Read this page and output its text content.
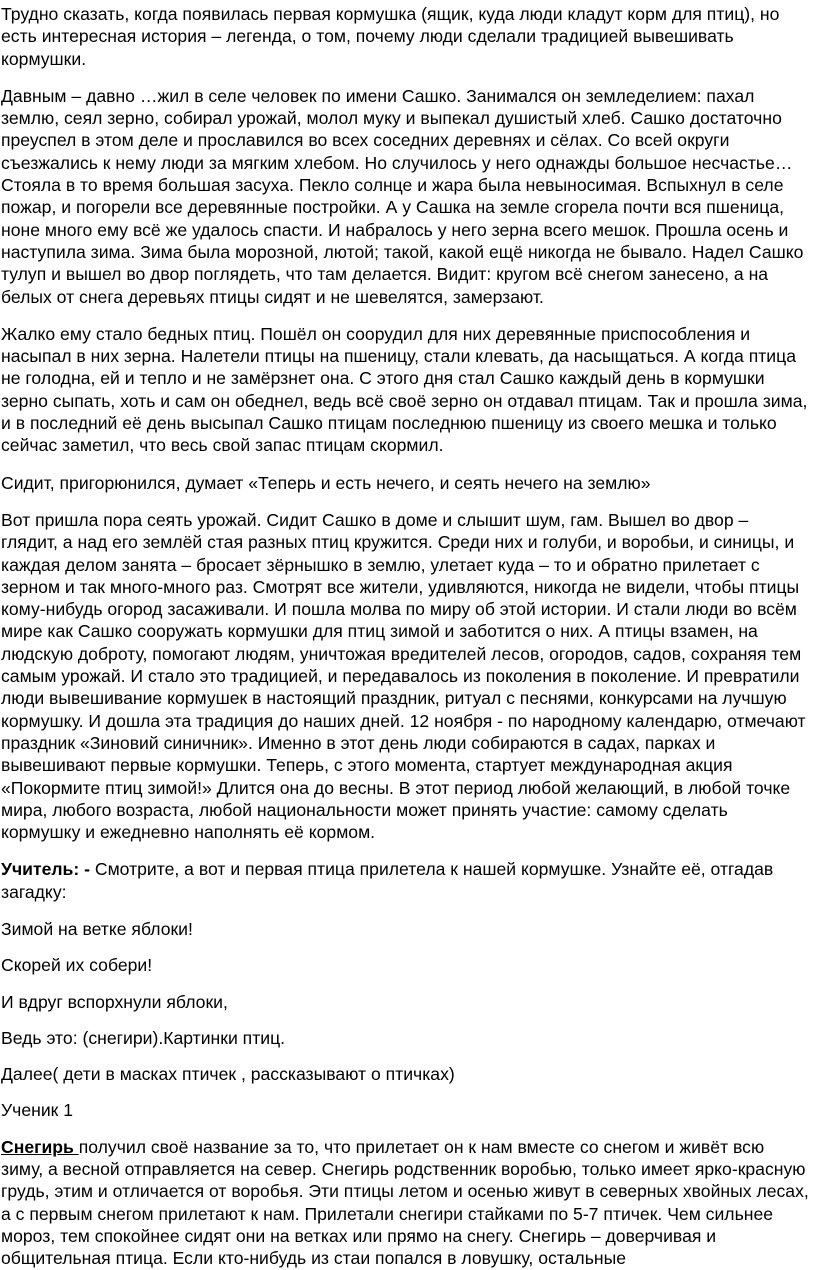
Трудно сказать, когда появилась первая кормушка (ящик, куда люди кладут корм для птиц), но есть интересная история – легенда, о том, почему люди сделали традицией вывешивать кормушки.

Давным – давно …жил в селе человек по имени Сашко. Занимался он земледелием: пахал землю, сеял зерно, собирал урожай, молол муку и выпекал душистый хлеб. Сашко достаточно преуспел в этом деле и прославился во всех соседних деревнях и сёлах. Со всей округи съезжались к нему люди за мягким хлебом. Но случилось у него однажды большое несчастье… Стояла в то время большая засуха. Пекло солнце и жара была невыносимая. Вспыхнул в селе пожар, и погорели все деревянные постройки. А у Сашка на земле сгорела почти вся пшеница, ноне много ему всё же удалось спасти. И набралось у него зерна всего мешок. Прошла осень и наступила зима. Зима была морозной, лютой; такой, какой ещё никогда не бывало. Надел Сашко тулуп и вышел во двор поглядеть, что там делается. Видит: кругом всё снегом занесено, а на белых от снега деревьях птицы сидят и не шевелятся, замерзают.

Жалко ему стало бедных птиц. Пошёл он соорудил для них деревянные приспособления и насыпал в них зерна. Налетели птицы на пшеницу, стали клевать, да насыщаться. А когда птица не голодна, ей и тепло и не замёрзнет она. С этого дня стал Сашко каждый день в кормушки зерно сыпать, хоть и сам он обеднел, ведь всё своё зерно он отдавал птицам. Так и прошла зима, и в последний её день высыпал Сашко птицам последнюю пшеницу из своего мешка и только сейчас заметил, что весь свой запас птицам скормил.

Сидит, пригорюнился, думает «Теперь и есть нечего, и сеять нечего на землю»

Вот пришла пора сеять урожай. Сидит Сашко в доме и слышит шум, гам. Вышел во двор – глядит, а над его землёй стая разных птиц кружится. Среди них и голуби, и воробьи, и синицы, и каждая делом занята – бросает зёрнышко в землю, улетает куда – то и обратно прилетает с зерном и так много-много раз. Смотрят все жители, удивляются, никогда не видели, чтобы птицы кому-нибудь огород засаживали. И пошла молва по миру об этой истории. И стали люди во всём мире как Сашко сооружать кормушки для птиц зимой и заботится о них. А птицы взамен, на людскую доброту, помогают людям, уничтожая вредителей лесов, огородов, садов, сохраняя тем самым урожай. И стало это традицией, и передавалось из поколения в поколение. И превратили люди вывешивание кормушек в настоящий праздник, ритуал с песнями, конкурсами на лучшую кормушку. И дошла эта традиция до наших дней. 12 ноября - по народному календарю, отмечают праздник «Зиновий синичник». Именно в этот день люди собираются в садах, парках и вывешивают первые кормушки. Теперь, с этого момента, стартует международная акция «Покормите птиц зимой!» Длится она до весны. В этот период любой желающий, в любой точке мира, любого возраста, любой национальности может принять участие: самому сделать кормушку и ежедневно наполнять её кормом.

Учитель: - Смотрите, а вот и первая птица прилетела к нашей кормушке. Узнайте её, отгадав загадку:

Зимой на ветке яблоки!

Скорей их собери!

И вдруг вспорхнули яблоки,

Ведь это: (снегири).Картинки птиц.

Далее( дети в масках птичек , рассказывают о птичках)

Ученик 1

Снегирь получил своё название за то, что прилетает он к нам вместе со снегом и живёт всю зиму, а весной отправляется на север. Снегирь родственник воробью, только имеет ярко-красную грудь, этим и отличается от воробья. Эти птицы летом и осенью живут в северных хвойных лесах, а с первым снегом прилетают к нам. Прилетали снегири стайками по 5-7 птичек. Чем сильнее мороз, тем спокойнее сидят они на ветках или прямо на снегу. Снегирь – доверчивая и общительная птица. Если кто-нибудь из стаи попался в ловушку, остальные
